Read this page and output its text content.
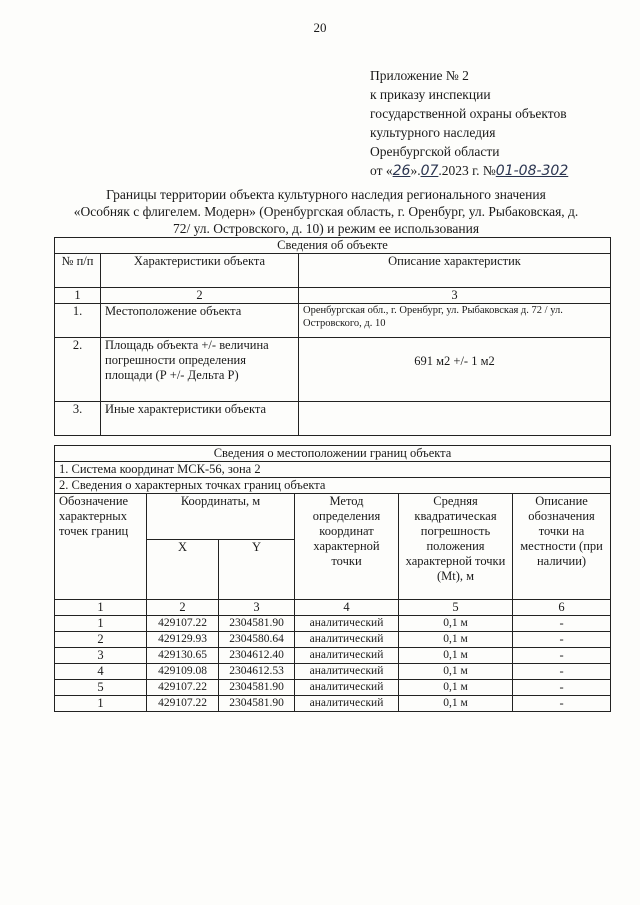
20
Приложение № 2
к приказу инспекции
государственной охраны объектов
культурного наследия
Оренбургской области
от «26».07.2023 г. №01-08-302
Границы территории объекта культурного наследия регионального значения
«Особняк с флигелем. Модерн» (Оренбургская область, г. Оренбург, ул. Рыбаковская, д.
72/ ул. Островского, д. 10) и режим ее использования
Сведения об объекте		
№ п/п	Характеристики объекта	Описание характеристик
1	2	3
1.	Местоположение объекта	Оренбургская обл., г. Оренбург, ул. Рыбаковская д. 72 / ул. Островского, д. 10
2.	Площадь объекта +/- величина погрешности определения площади (Р +/- Дельта Р)	691 м2 +/- 1 м2
3.	Иные характеристики объекта	
Сведения о местоположении границ объекта					
1. Система координат МСК-56, зона 2					
2. Сведения о характерных точках границ объекта					
Обозначение характерных точек границ	Координаты, м		Метод определения координат характерной точки	Средняя квадратическая погрешность положения характерной точки (Mt), м	Описание обозначения точки на местности (при наличии)
	X	Y			
1	2	3	4	5	6
1	429107.22	2304581.90	аналитический	0,1 м	-
2	429129.93	2304580.64	аналитический	0,1 м	-
3	429130.65	2304612.40	аналитический	0,1 м	-
4	429109.08	2304612.53	аналитический	0,1 м	-
5	429107.22	2304581.90	аналитический	0,1 м	-
1	429107.22	2304581.90	аналитический	0,1 м	-
